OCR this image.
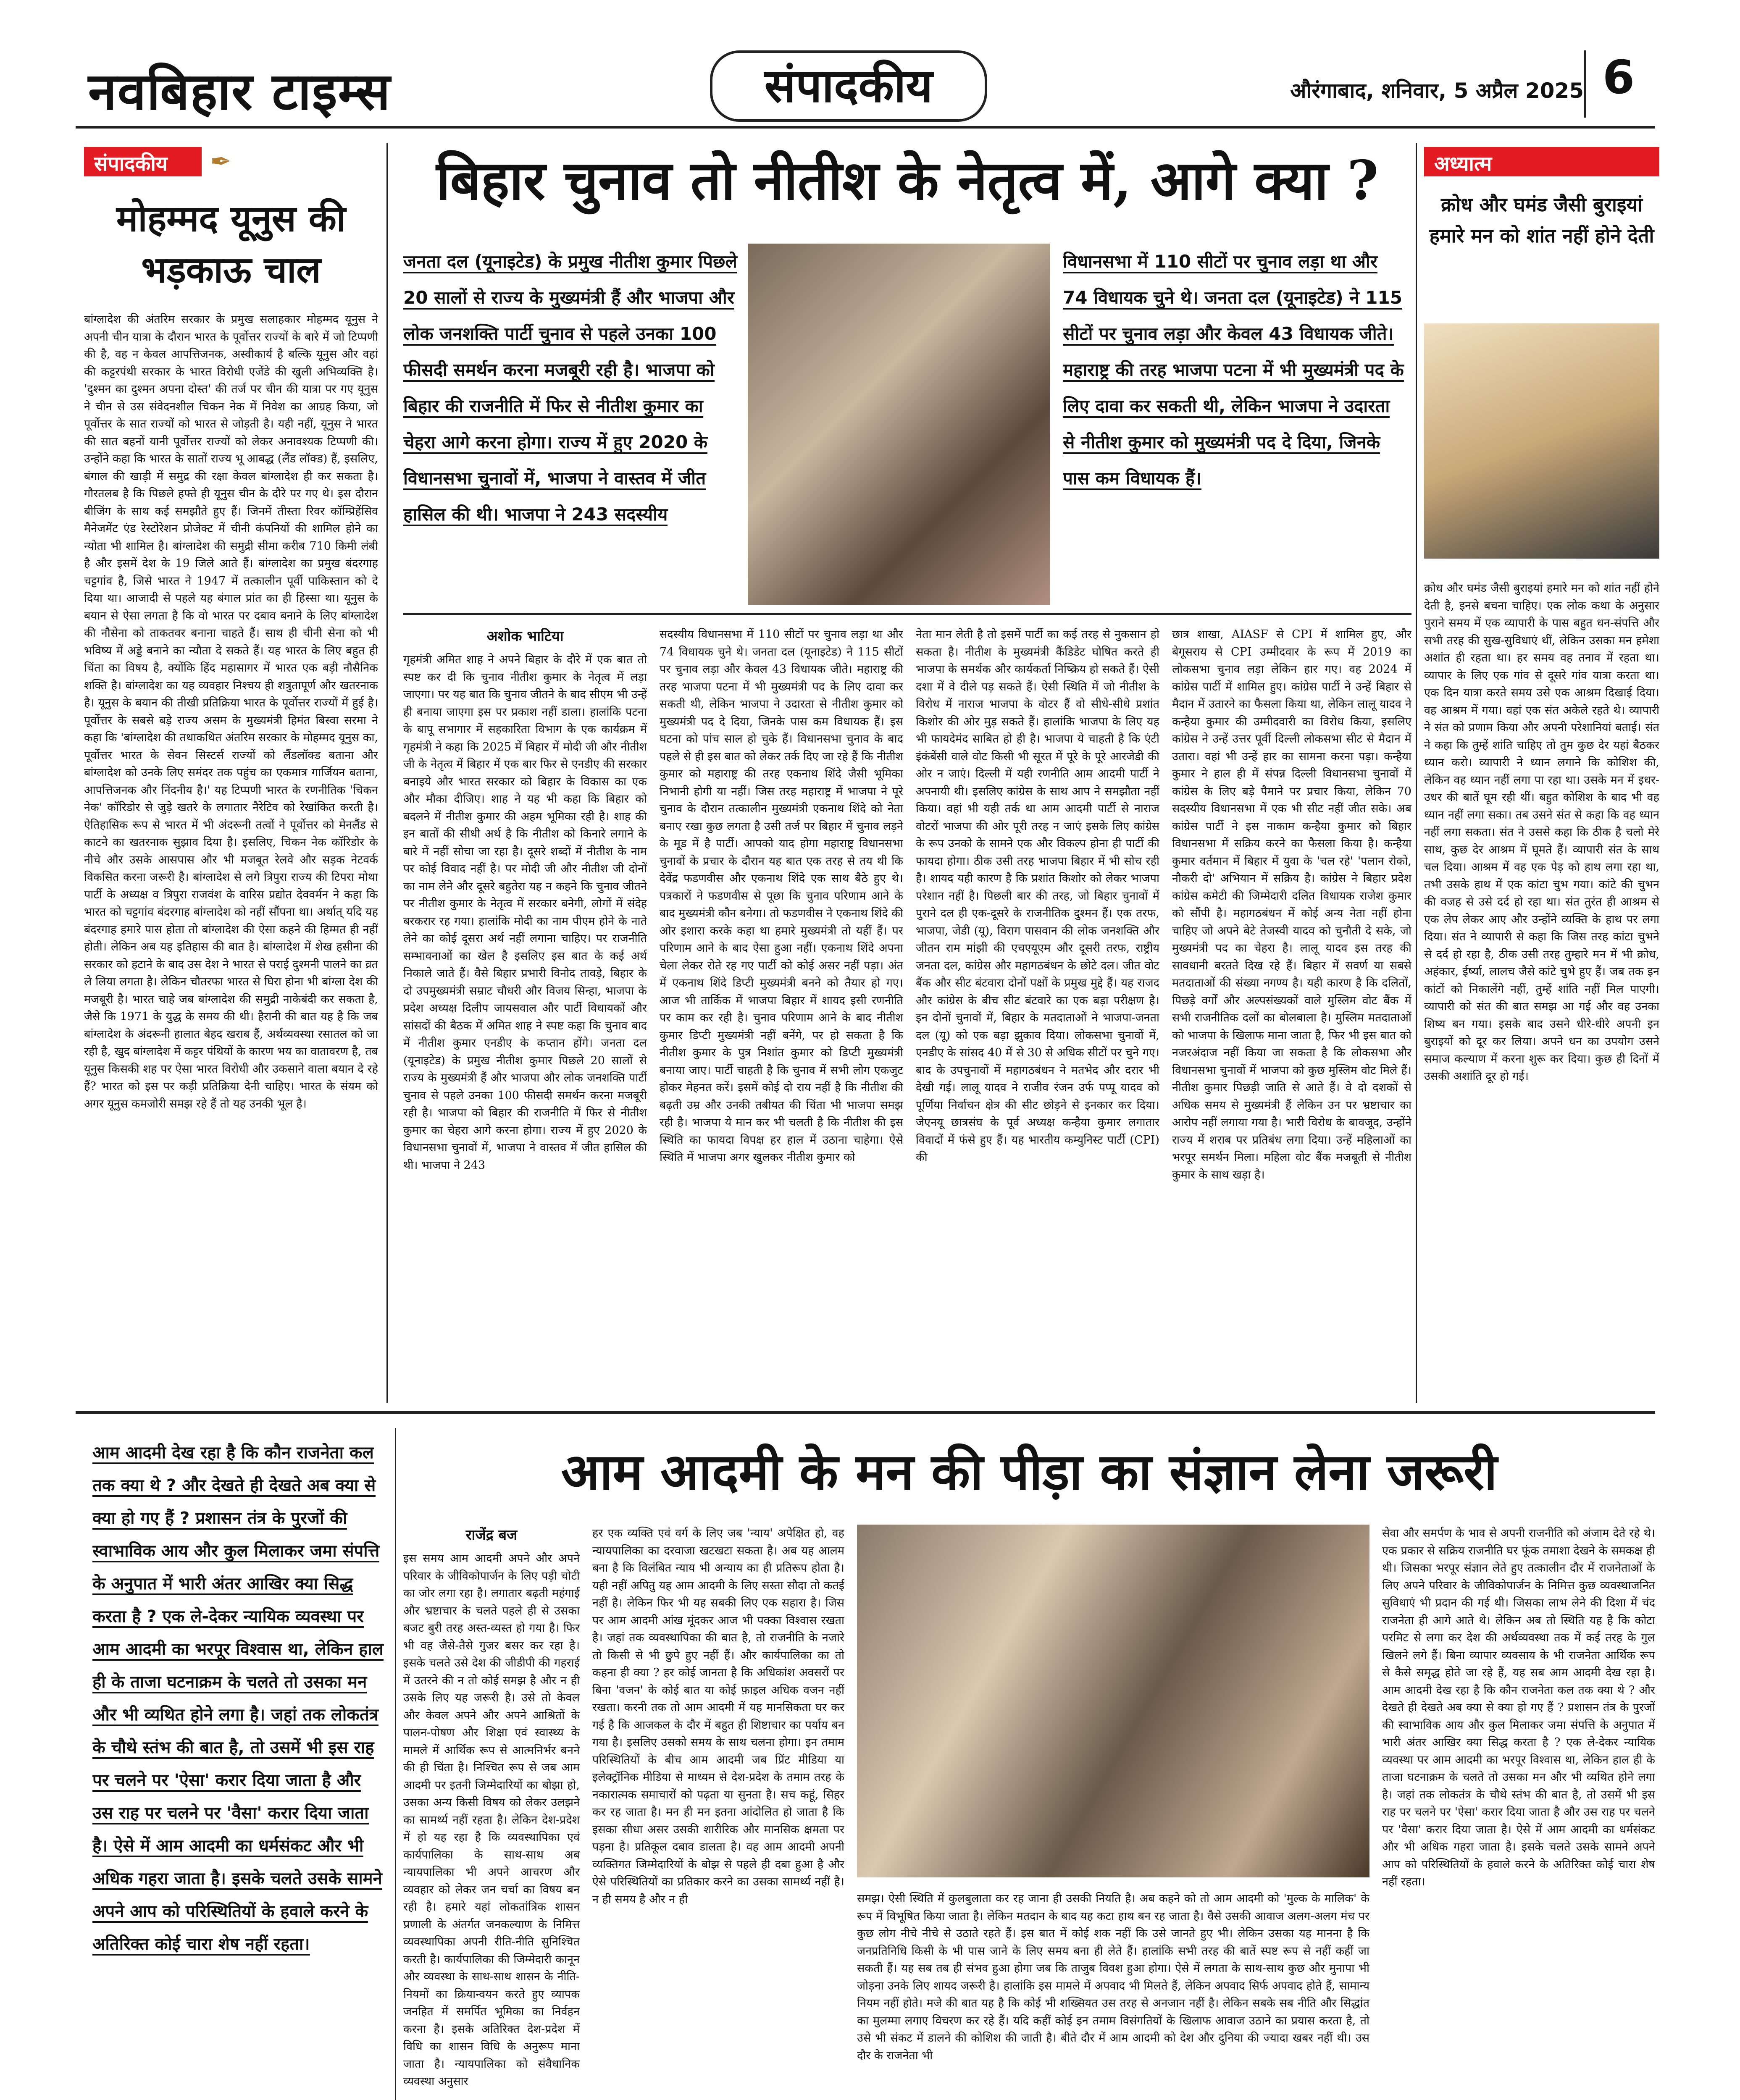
नवबिहार टाइम्स	संपादकीय	औरंगाबाद, शनिवार, 5 अप्रैल 2025 6
संपादकीय	✒
मोहम्मद यूनुस की भड़काऊ चाल
बांग्लादेश की अंतरिम सरकार के प्रमुख सलाहकार मोहम्मद यूनुस ने अपनी चीन यात्रा के दौरान भारत के पूर्वोत्तर राज्यों के बारे में जो टिप्पणी की है, वह न केवल आपत्तिजनक, अस्वीकार्य है बल्कि यूनुस और वहां की कट्टरपंथी सरकार के भारत विरोधी एजेंडे की खुली अभिव्यक्ति है। 'दुश्मन का दुश्मन अपना दोस्त' की तर्ज पर चीन की यात्रा पर गए यूनुस ने चीन से उस संवेदनशील चिकन नेक में निवेश का आग्रह किया, जो पूर्वोत्तर के सात राज्यों को भारत से जोड़ती है। यही नहीं, यूनुस ने भारत की सात बहनों यानी पूर्वोत्तर राज्यों को लेकर अनावश्यक टिप्पणी की। उन्होंने कहा कि भारत के सातों राज्य भू आबद्ध (लैंड लॉक्ड) हैं, इसलिए, बंगाल की खाड़ी में समुद्र की रक्षा केवल बांग्लादेश ही कर सकता है। गौरतलब है कि पिछले हफ्ते ही यूनुस चीन के दौरे पर गए थे। इस दौरान बीजिंग के साथ कई समझौते हुए हैं। जिनमें तीस्ता रिवर कॉम्प्रिहेंसिव मैनेजमेंट एंड रेस्टोरेशन प्रोजेक्ट में चीनी कंपनियों की शामिल होने का न्योता भी शामिल है। बांग्लादेश की समुद्री सीमा करीब 710 किमी लंबी है और इसमें देश के 19 जिले आते हैं। बांग्लादेश का प्रमुख बंदरगाह चट्टगांव है, जिसे भारत ने 1947 में तत्कालीन पूर्वी पाकिस्तान को दे दिया था। आजादी से पहले यह बंगाल प्रांत का ही हिस्सा था। यूनुस के बयान से ऐसा लगता है कि वो भारत पर दबाव बनाने के लिए बांग्लादेश की नौसेना को ताकतवर बनाना चाहते हैं। साथ ही चीनी सेना को भी भविष्य में अड्डे बनाने का न्यौता दे सकते हैं। यह भारत के लिए बहुत ही चिंता का विषय है, क्योंकि हिंद महासागर में भारत एक बड़ी नौसैनिक शक्ति है। बांग्लादेश का यह व्यवहार निश्चय ही शत्रुतापूर्ण और खतरनाक है। यूनुस के बयान की तीखी प्रतिक्रिया भारत के पूर्वोत्तर राज्यों में हुई है। पूर्वोत्तर के सबसे बड़े राज्य असम के मुख्यमंत्री हिमंत बिस्वा सरमा ने कहा कि 'बांग्लादेश की तथाकथित अंतरिम सरकार के मोहम्मद यूनुस का, पूर्वोत्तर भारत के सेवन सिस्टर्स राज्यों को लैंडलॉक्ड बताना और बांग्लादेश को उनके लिए समंदर तक पहुंच का एकमात्र गार्जियन बताना, आपत्तिजनक और निंदनीय है।' यह टिप्पणी भारत के रणनीतिक 'चिकन नेक' कॉरिडोर से जुड़े खतरे के लगातार नैरेटिव को रेखांकित करती है। ऐतिहासिक रूप से भारत में भी अंदरूनी तत्वों ने पूर्वोत्तर को मेनलैंड से काटने का खतरनाक सुझाव दिया है। इसलिए, चिकन नेक कॉरिडोर के नीचे और उसके आसपास और भी मजबूत रेलवे और सड़क नेटवर्क विकसित करना जरूरी है। बांग्लादेश से लगे त्रिपुरा राज्य की टिपरा मोथा पार्टी के अध्यक्ष व त्रिपुरा राजवंश के वारिस प्रद्योत देववर्मन ने कहा कि भारत को चट्टगांव बंदरगाह बांग्लादेश को नहीं सौंपना था। अर्थात् यदि यह बंदरगाह हमारे पास होता तो बांग्लादेश की ऐसा कहने की हिम्मत ही नहीं होती। लेकिन अब यह इतिहास की बात है। बांग्लादेश में शेख हसीना की सरकार को हटाने के बाद उस देश ने भारत से पराई दुश्मनी पालने का व्रत ले लिया लगता है। लेकिन चौतरफा भारत से घिरा होना भी बांग्ला देश की मजबूरी है। भारत चाहे जब बांग्लादेश की समुद्री नाकेबंदी कर सकता है, जैसे कि 1971 के युद्ध के समय की थी। हैरानी की बात यह है कि जब बांग्लादेश के अंदरूनी हालात बेहद खराब हैं, अर्थव्यवस्था रसातल को जा रही है, खुद बांग्लादेश में कट्टर पंथियों के कारण भय का वातावरण है, तब यूनुस किसकी शह पर ऐसा भारत विरोधी और उकसाने वाला बयान दे रहे हैं? भारत को इस पर कड़ी प्रतिक्रिया देनी चाहिए। भारत के संयम को अगर यूनुस कमजोरी समझ रहे हैं तो यह उनकी भूल है।
बिहार चुनाव तो नीतीश के नेतृत्व में, आगे क्या ?
जनता दल (यूनाइटेड) के प्रमुख नीतीश कुमार पिछले 20 सालों से राज्य के मुख्यमंत्री हैं और भाजपा और लोक जनशक्ति पार्टी चुनाव से पहले उनका 100 फीसदी समर्थन करना मजबूरी रही है। भाजपा को बिहार की राजनीति में फिर से नीतीश कुमार का चेहरा आगे करना होगा। राज्य में हुए 2020 के विधानसभा चुनावों में, भाजपा ने वास्तव में जीत हासिल की थी। भाजपा ने 243 सदस्यीय
विधानसभा में 110 सीटों पर चुनाव लड़ा था और 74 विधायक चुने थे। जनता दल (यूनाइटेड) ने 115 सीटों पर चुनाव लड़ा और केवल 43 विधायक जीते। महाराष्ट्र की तरह भाजपा पटना में भी मुख्यमंत्री पद के लिए दावा कर सकती थी, लेकिन भाजपा ने उदारता से नीतीश कुमार को मुख्यमंत्री पद दे दिया, जिनके पास कम विधायक हैं।
अशोक भाटिया
गृहमंत्री अमित शाह ने अपने बिहार के दौरे में एक बात तो स्पष्ट कर दी कि चुनाव नीतीश कुमार के नेतृत्व में लड़ा जाएगा। पर यह बात कि चुनाव जीतने के बाद सीएम भी उन्हें ही बनाया जाएगा इस पर प्रकाश नहीं डाला। हालांकि पटना के बापू सभागार में सहकारिता विभाग के एक कार्यक्रम में गृहमंत्री ने कहा कि 2025 में बिहार में मोदी जी और नीतीश जी के नेतृत्व में बिहार में एक बार फिर से एनडीए की सरकार बनाइये और भारत सरकार को बिहार के विकास का एक और मौका दीजिए। शाह ने यह भी कहा कि बिहार को बदलने में नीतीश कुमार की अहम भूमिका रही है। शाह की इन बातों की सीधी अर्थ है कि नीतीश को किनारे लगाने के बारे में नहीं सोचा जा रहा है। दूसरे शब्दों में नीतीश के नाम पर कोई विवाद नहीं है। पर मोदी जी और नीतीश जी दोनों का नाम लेने और दूसरे बहुतेरा यह न कहने कि चुनाव जीतने पर नीतीश कुमार के नेतृत्व में सरकार बनेगी, लोगों में संदेह बरकरार रह गया। हालांकि मोदी का नाम पीएम होने के नाते लेने का कोई दूसरा अर्थ नहीं लगाना चाहिए। पर राजनीति सम्भावनाओं का खेल है इसलिए इस बात के कई अर्थ निकाले जाते हैं। वैसे बिहार प्रभारी विनोद तावड़े, बिहार के दो उपमुख्यमंत्री सम्राट चौधरी और विजय सिन्हा, भाजपा के प्रदेश अध्यक्ष दिलीप जायसवाल और पार्टी विधायकों और सांसदों की बैठक में अमित शाह ने स्पष्ट कहा कि चुनाव बाद में नीतीश कुमार एनडीए के कप्तान होंगे। जनता दल (यूनाइटेड) के प्रमुख नीतीश कुमार पिछले 20 सालों से राज्य के मुख्यमंत्री हैं और भाजपा और लोक जनशक्ति पार्टी चुनाव से पहले उनका 100 फीसदी समर्थन करना मजबूरी रही है। भाजपा को बिहार की राजनीति में फिर से नीतीश कुमार का चेहरा आगे करना होगा। राज्य में हुए 2020 के विधानसभा चुनावों में, भाजपा ने वास्तव में जीत हासिल की थी। भाजपा ने 243
सदस्यीय विधानसभा में 110 सीटों पर चुनाव लड़ा था और 74 विधायक चुने थे। जनता दल (यूनाइटेड) ने 115 सीटों पर चुनाव लड़ा और केवल 43 विधायक जीते। महाराष्ट्र की तरह भाजपा पटना में भी मुख्यमंत्री पद के लिए दावा कर सकती थी, लेकिन भाजपा ने उदारता से नीतीश कुमार को मुख्यमंत्री पद दे दिया, जिनके पास कम विधायक हैं। इस घटना को पांच साल हो चुके हैं। विधानसभा चुनाव के बाद पहले से ही इस बात को लेकर तर्क दिए जा रहे हैं कि नीतीश कुमार को महाराष्ट्र की तरह एकनाथ शिंदे जैसी भूमिका निभानी होगी या नहीं। जिस तरह महाराष्ट्र में भाजपा ने पूरे चुनाव के दौरान तत्कालीन मुख्यमंत्री एकनाथ शिंदे को नेता बनाए रखा कुछ लगता है उसी तर्ज पर बिहार में चुनाव लड़ने के मूड में है पार्टी। आपको याद होगा महाराष्ट्र विधानसभा चुनावों के प्रचार के दौरान यह बात एक तरह से तय थी कि देवेंद्र फडणवीस और एकनाथ शिंदे एक साथ बैठे हुए थे। पत्रकारों ने फडणवीस से पूछा कि चुनाव परिणाम आने के बाद मुख्यमंत्री कौन बनेगा। तो फडणवीस ने एकनाथ शिंदे की ओर इशारा करके कहा था हमारे मुख्यमंत्री तो यहीं हैं। पर परिणाम आने के बाद ऐसा हुआ नहीं। एकनाथ शिंदे अपना चेला लेकर रोते रह गए पार्टी को कोई असर नहीं पड़ा। अंत में एकनाथ शिंदे डिप्टी मुख्यमंत्री बनने को तैयार हो गए। आज भी तार्किक में भाजपा बिहार में शायद इसी रणनीति पर काम कर रही है। चुनाव परिणाम आने के बाद नीतीश कुमार डिप्टी मुख्यमंत्री नहीं बनेंगे, पर हो सकता है कि नीतीश कुमार के पुत्र निशांत कुमार को डिप्टी मुख्यमंत्री बनाया जाए। पार्टी चाहती है कि चुनाव में सभी लोग एकजुट होकर मेहनत करें। इसमें कोई दो राय नहीं है कि नीतीश की बढ़ती उम्र और उनकी तबीयत की चिंता भी भाजपा समझ रही है। भाजपा ये मान कर भी चलती है कि नीतीश की इस स्थिति का फायदा विपक्ष हर हाल में उठाना चाहेगा। ऐसे स्थिति में भाजपा अगर खुलकर नीतीश कुमार को
नेता मान लेती है तो इसमें पार्टी का कई तरह से नुकसान हो सकता है। नीतीश के मुख्यमंत्री कैंडिडेट घोषित करते ही भाजपा के समर्थक और कार्यकर्ता निष्क्रिय हो सकते हैं। ऐसी दशा में वे दीले पड़ सकते हैं। ऐसी स्थिति में जो नीतीश के विरोध में नाराज भाजपा के वोटर हैं वो सीधे-सीधे प्रशांत किशोर की ओर मुड़ सकते हैं। हालांकि भाजपा के लिए यह भी फायदेमंद साबित हो ही है। भाजपा ये चाहती है कि एंटी इंकंबेंसी वाले वोट किसी भी सूरत में पूरे के पूरे आरजेडी की ओर न जाएं। दिल्ली में यही रणनीति आम आदमी पार्टी ने अपनायी थी। इसलिए कांग्रेस के साथ आप ने समझौता नहीं किया। वहां भी यही तर्क था आम आदमी पार्टी से नाराज वोटरों भाजपा की ओर पूरी तरह न जाएं इसके लिए कांग्रेस के रूप उनको के सामने एक और विकल्प होना ही पार्टी की फायदा होगा। ठीक उसी तरह भाजपा बिहार में भी सोच रही है। शायद यही कारण है कि प्रशांत किशोर को लेकर भाजपा परेशान नहीं है। पिछली बार की तरह, जो बिहार चुनावों में पुराने दल ही एक-दूसरे के राजनीतिक दुश्मन हैं। एक तरफ, भाजपा, जेडी (यू), विराग पासवान की लोक जनशक्ति और जीतन राम मांझी की एचएयूएम और दूसरी तरफ, राष्ट्रीय जनता दल, कांग्रेस और महागठबंधन के छोटे दल। जीत वोट बैंक और सीट बंटवारा दोनों पक्षों के प्रमुख मुद्दे हैं। यह राजद और कांग्रेस के बीच सीट बंटवारे का एक बड़ा परीक्षण है। इन दोनों चुनावों में, बिहार के मतदाताओं ने भाजपा-जनता दल (यू) को एक बड़ा झुकाव दिया। लोकसभा चुनावों में, एनडीए के सांसद 40 में से 30 से अधिक सीटों पर चुने गए। बाद के उपचुनावों में महागठबंधन ने मतभेद और दरार भी देखी गई। लालू यादव ने राजीव रंजन उर्फ पप्पू यादव को पूर्णिया निर्वाचन क्षेत्र की सीट छोड़ने से इनकार कर दिया। जेएनयू छात्रसंघ के पूर्व अध्यक्ष कन्हैया कुमार लगातार विवादों में फंसे हुए हैं। यह भारतीय कम्युनिस्ट पार्टी (CPI) की
छात्र शाखा, AIASF से CPI में शामिल हुए, और बेगूसराय से CPI उम्मीदवार के रूप में 2019 का लोकसभा चुनाव लड़ा लेकिन हार गए। वह 2024 में कांग्रेस पार्टी में शामिल हुए। कांग्रेस पार्टी ने उन्हें बिहार से मैदान में उतारने का फैसला किया था, लेकिन लालू यादव ने कन्हैया कुमार की उम्मीदवारी का विरोध किया, इसलिए कांग्रेस ने उन्हें उत्तर पूर्वी दिल्ली लोकसभा सीट से मैदान में उतारा। वहां भी उन्हें हार का सामना करना पड़ा। कन्हैया कुमार ने हाल ही में संपन्न दिल्ली विधानसभा चुनावों में कांग्रेस के लिए बड़े पैमाने पर प्रचार किया, लेकिन 70 सदस्यीय विधानसभा में एक भी सीट नहीं जीत सके। अब कांग्रेस पार्टी ने इस नाकाम कन्हैया कुमार को बिहार विधानसभा में सक्रिय करने का फैसला किया है। कन्हैया कुमार वर्तमान में बिहार में युवा के 'चल रहे' 'पलान रोको, नौकरी दो' अभियान में सक्रिय है। कांग्रेस ने बिहार प्रदेश कांग्रेस कमेटी की जिम्मेदारी दलित विधायक राजेश कुमार को सौंपी है। महागठबंधन में कोई अन्य नेता नहीं होना चाहिए जो अपने बेटे तेजस्वी यादव को चुनौती दे सके, जो मुख्यमंत्री पद का चेहरा है। लालू यादव इस तरह की सावधानी बरतते दिख रहे हैं। बिहार में सवर्ण या सबसे मतदाताओं की संख्या नगण्य है। यही कारण है कि दलितों, पिछड़े वर्गों और अल्पसंख्यकों वाले मुस्लिम वोट बैंक में सभी राजनीतिक दलों का बोलबाला है। मुस्लिम मतदाताओं को भाजपा के खिलाफ माना जाता है, फिर भी इस बात को नजरअंदाज नहीं किया जा सकता है कि लोकसभा और विधानसभा चुनावों में भाजपा को कुछ मुस्लिम वोट मिले हैं। नीतीश कुमार पिछड़ी जाति से आते हैं। वे दो दशकों से अधिक समय से मुख्यमंत्री हैं लेकिन उन पर भ्रष्टाचार का आरोप नहीं लगाया गया है। भारी विरोध के बावजूद, उन्होंने राज्य में शराब पर प्रतिबंध लगा दिया। उन्हें महिलाओं का भरपूर समर्थन मिला। महिला वोट बैंक मजबूती से नीतीश कुमार के साथ खड़ा है।
अध्यात्म
क्रोध और घमंड जैसी बुराइयां हमारे मन को शांत नहीं होने देती
क्रोध और घमंड जैसी बुराइयां हमारे मन को शांत नहीं होने देती है, इनसे बचना चाहिए। एक लोक कथा के अनुसार पुराने समय में एक व्यापारी के पास बहुत धन-संपत्ति और सभी तरह की सुख-सुविधाएं थीं, लेकिन उसका मन हमेशा अशांत ही रहता था। हर समय वह तनाव में रहता था। व्यापार के लिए एक गांव से दूसरे गांव यात्रा करता था। एक दिन यात्रा करते समय उसे एक आश्रम दिखाई दिया। वह आश्रम में गया। वहां एक संत अकेले रहते थे। व्यापारी ने संत को प्रणाम किया और अपनी परेशानियां बताई। संत ने कहा कि तुम्हें शांति चाहिए तो तुम कुछ देर यहां बैठकर ध्यान करो। व्यापारी ने ध्यान लगाने कि कोशिश की, लेकिन वह ध्यान नहीं लगा पा रहा था। उसके मन में इधर-उधर की बातें घूम रही थीं। बहुत कोशिश के बाद भी वह ध्यान नहीं लगा सका। तब उसने संत से कहा कि वह ध्यान नहीं लगा सकता। संत ने उससे कहा कि ठीक है चलो मेरे साथ, कुछ देर आश्रम में घूमते हैं। व्यापारी संत के साथ चल दिया। आश्रम में वह एक पेड़ को हाथ लगा रहा था, तभी उसके हाथ में एक कांटा चुभ गया। कांटे की चुभन की वजह से उसे दर्द हो रहा था। संत तुरंत ही आश्रम से एक लेप लेकर आए और उन्होंने व्यक्ति के हाथ पर लगा दिया। संत ने व्यापारी से कहा कि जिस तरह कांटा चुभने से दर्द हो रहा है, ठीक उसी तरह तुम्हारे मन में भी क्रोध, अहंकार, ईर्ष्या, लालच जैसे कांटे चुभे हुए हैं। जब तक इन कांटों को निकालेंगे नहीं, तुम्हें शांति नहीं मिल पाएगी। व्यापारी को संत की बात समझ आ गई और वह उनका शिष्य बन गया। इसके बाद उसने धीरे-धीरे अपनी इन बुराइयों को दूर कर लिया। अपने धन का उपयोग उसने समाज कल्याण में करना शुरू कर दिया। कुछ ही दिनों में उसकी अशांति दूर हो गई।
आम आदमी देख रहा है कि कौन राजनेता कल तक क्या थे ? और देखते ही देखते अब क्या से क्या हो गए हैं ? प्रशासन तंत्र के पुरजों की स्वाभाविक आय और कुल मिलाकर जमा संपत्ति के अनुपात में भारी अंतर आखिर क्या सिद्ध करता है ? एक ले-देकर न्यायिक व्यवस्था पर आम आदमी का भरपूर विश्वास था, लेकिन हाल ही के ताजा घटनाक्रम के चलते तो उसका मन और भी व्यथित होने लगा है। जहां तक लोकतंत्र के चौथे स्तंभ की बात है, तो उसमें भी इस राह पर चलने पर 'ऐसा' करार दिया जाता है और उस राह पर चलने पर 'वैसा' करार दिया जाता है। ऐसे में आम आदमी का धर्मसंकट और भी अधिक गहरा जाता है। इसके चलते उसके सामने अपने आप को परिस्थितियों के हवाले करने के अतिरिक्त कोई चारा शेष नहीं रहता।
आम आदमी के मन की पीड़ा का संज्ञान लेना जरूरी
राजेंद्र बज
इस समय आम आदमी अपने और अपने परिवार के जीविकोपार्जन के लिए पड़ी चोटी का जोर लगा रहा है। लगातार बढ़ती महंगाई और भ्रष्टाचार के चलते पहले ही से उसका बजट बुरी तरह अस्त-व्यस्त हो गया है। फिर भी वह जैसे-तैसे गुजर बसर कर रहा है। इसके चलते उसे देश की जीडीपी की गहराई में उतरने की न तो कोई समझ है और न ही उसके लिए यह जरूरी है। उसे तो केवल और केवल अपने और अपने आश्रितों के पालन-पोषण और शिक्षा एवं स्वास्थ्य के मामले में आर्थिक रूप से आत्मनिर्भर बनने की ही चिंता है। निश्चित रूप से जब आम आदमी पर इतनी जिम्मेदारियों का बोझा हो, उसका अन्य किसी विषय को लेकर उलझने का सामर्थ्य नहीं रहता है। लेकिन देश-प्रदेश में हो यह रहा है कि व्यवस्थापिका एवं कार्यपालिका के साथ-साथ अब न्यायपालिका भी अपने आचरण और व्यवहार को लेकर जन चर्चा का विषय बन रही है। हमारे यहां लोकतांत्रिक शासन प्रणाली के अंतर्गत जनकल्याण के निमित्त व्यवस्थापिका अपनी रीति-नीति सुनिश्चित करती है। कार्यपालिका की जिम्मेदारी कानून और व्यवस्था के साथ-साथ शासन के नीति-नियमों का क्रियान्वयन करते हुए व्यापक जनहित में समर्पित भूमिका का निर्वहन करना है। इसके अतिरिक्त देश-प्रदेश में विधि का शासन विधि के अनुरूप माना जाता है। न्यायपालिका को संवैधानिक व्यवस्था अनुसार
हर एक व्यक्ति एवं वर्ग के लिए जब 'न्याय' अपेक्षित हो, वह न्यायपालिका का दरवाजा खटखटा सकता है। अब यह आलम बना है कि विलंबित न्याय भी अन्याय का ही प्रतिरूप होता है। यही नहीं अपितु यह आम आदमी के लिए सस्ता सौदा तो कतई नहीं है। लेकिन फिर भी यह सबकी लिए एक सहारा है। जिस पर आम आदमी आंख मूंदकर आज भी पक्का विश्वास रखता है। जहां तक व्यवस्थापिका की बात है, तो राजनीति के नजारे तो किसी से भी छुपे हुए नहीं हैं। और कार्यपालिका का तो कहना ही क्या ? हर कोई जानता है कि अधिकांश अवसरों पर बिना 'वजन' के कोई बात या कोई फ़ाइल अधिक वजन नहीं रखता। करनी तक तो आम आदमी में यह मानसिकता घर कर गई है कि आजकल के दौर में बहुत ही शिष्टाचार का पर्याय बन गया है। इसलिए उसको समय के साथ चलना होगा। इन तमाम परिस्थितियों के बीच आम आदमी जब प्रिंट मीडिया या इलेक्ट्रॉनिक मीडिया से माध्यम से देश-प्रदेश के तमाम तरह के नकारात्मक समाचारों को पढ़ता या सुनता है। सच कहूं, सिहर कर रह जाता है। मन ही मन इतना आंदोलित हो जाता है कि इसका सीधा असर उसकी शारीरिक और मानसिक क्षमता पर पड़ना है। प्रतिकूल दबाव डालता है। वह आम आदमी अपनी व्यक्तिगत जिम्मेदारियों के बोझ से पहले ही दबा हुआ है और ऐसे परिस्थितियों का प्रतिकार करने का उसका सामर्थ्य नहीं है। न ही समय है और न ही	समझ। ऐसी स्थिति में कुलबुलाता कर रह जाना ही उसकी नियति है। अब कहने को तो आम आदमी को 'मुल्क के मालिक' के रूप में विभूषित किया जाता है। लेकिन मतदान के बाद यह कटा हाथ बन रह जाता है। वैसे उसकी आवाज अलग-अलग मंच पर कुछ लोग नीचे नीचे से उठाते रहते हैं। इस बात में कोई शक नहीं कि उसे जानते हुए भी। लेकिन उसका यह मानना है कि जनप्रतिनिधि किसी के भी पास जाने के लिए समय बना ही लेते हैं। हालांकि सभी तरह की बातें स्पष्ट रूप से नहीं कहीं जा सकती हैं। यह सब तब ही संभव हुआ होगा जब कि ताजुब विवश हुआ होगा। ऐसे में लगता के साथ-साथ कुछ और मुनापा भी जोड़ना उनके लिए शायद जरूरी है। हालांकि इस मामले में अपवाद भी मिलते हैं, लेकिन अपवाद सिर्फ अपवाद होते हैं, सामान्य नियम नहीं होते। मजे की बात यह है कि कोई भी शख्सियत उस तरह से अनजान नहीं है। लेकिन सबके सब नीति और सिद्धांत का मुलम्मा लगाए विचरण कर रहे हैं। यदि कहीं कोई इन तमाम विसंगतियों के खिलाफ आवाज उठाने का प्रयास करता है, तो उसे भी संकट में डालने की कोशिश की जाती है। बीते दौर में आम आदमी को देश और दुनिया की ज्यादा खबर नहीं थी। उस दौर के राजनेता भी
सेवा और समर्पण के भाव से अपनी राजनीति को अंजाम देते रहे थे। एक प्रकार से सक्रिय राजनीति घर फूंक तमाशा देखने के समकक्ष ही थी। जिसका भरपूर संज्ञान लेते हुए तत्कालीन दौर में राजनेताओं के लिए अपने परिवार के जीविकोपार्जन के निमित्त कुछ व्यवस्थाजनित सुविधाएं भी प्रदान की गई थी। जिसका लाभ लेने की दिशा में चंद राजनेता ही आगे आते थे। लेकिन अब तो स्थिति यह है कि कोटा परमिट से लगा कर देश की अर्थव्यवस्था तक में कई तरह के गुल खिलने लगे हैं। बिना व्यापार व्यवसाय के भी राजनेता आर्थिक रूप से कैसे समृद्ध होते जा रहे हैं, यह सब आम आदमी देख रहा है। आम आदमी देख रहा है कि कौन राजनेता कल तक क्या थे ? और देखते ही देखते अब क्या से क्या हो गए हैं ? प्रशासन तंत्र के पुरजों की स्वाभाविक आय और कुल मिलाकर जमा संपत्ति के अनुपात में भारी अंतर आखिर क्या सिद्ध करता है ? एक ले-देकर न्यायिक व्यवस्था पर आम आदमी का भरपूर विश्वास था, लेकिन हाल ही के ताजा घटनाक्रम के चलते तो उसका मन और भी व्यथित होने लगा है। जहां तक लोकतंत्र के चौथे स्तंभ की बात है, तो उसमें भी इस राह पर चलने पर 'ऐसा' करार दिया जाता है और उस राह पर चलने पर 'वैसा' करार दिया जाता है। ऐसे में आम आदमी का धर्मसंकट और भी अधिक गहरा जाता है। इसके चलते उसके सामने अपने आप को परिस्थितियों के हवाले करने के अतिरिक्त कोई चारा शेष नहीं रहता।
